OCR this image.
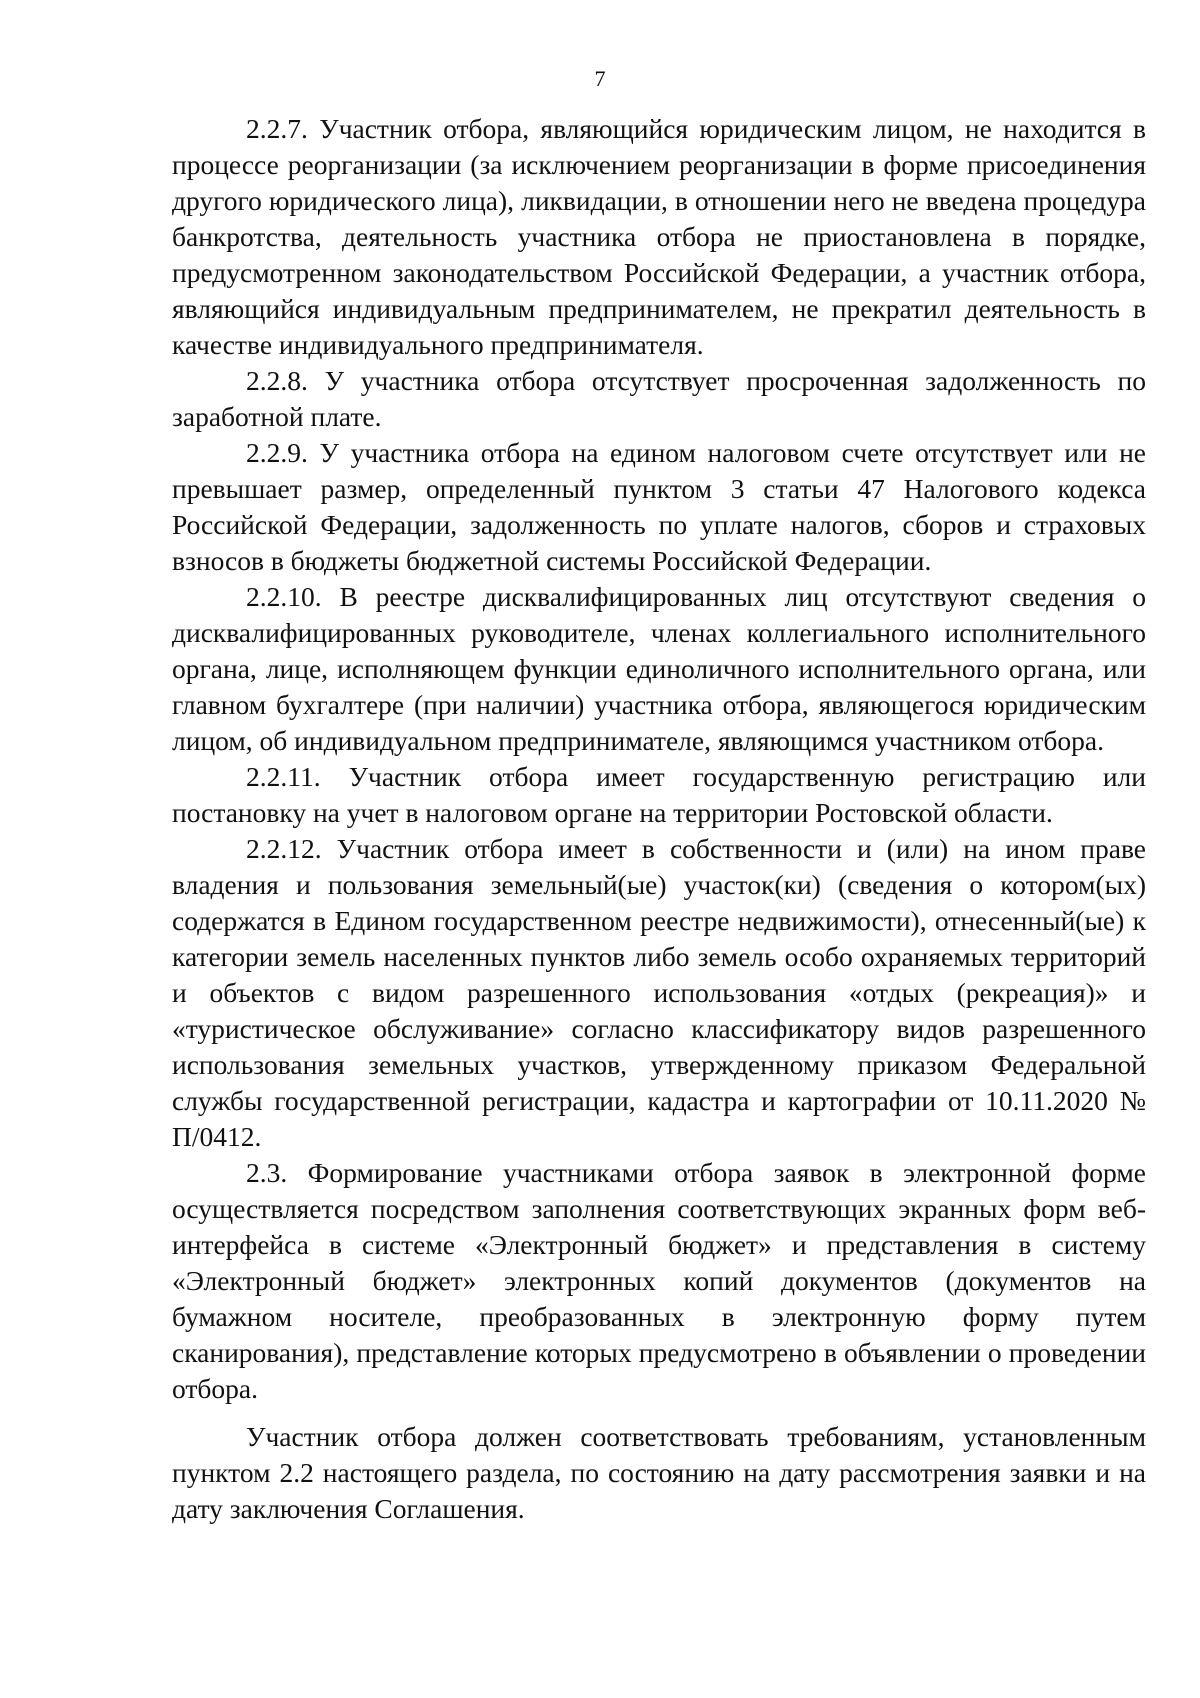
7

2.2.7. Участник отбора, являющийся юридическим лицом, не находится в процессе реорганизации (за исключением реорганизации в форме присоединения другого юридического лица), ликвидации, в отношении него не введена процедура банкротства, деятельность участника отбора не приостановлена в порядке, предусмотренном законодательством Российской Федерации, а участник отбора, являющийся индивидуальным предпринимателем, не прекратил деятельность в качестве индивидуального предпринимателя.

2.2.8. У участника отбора отсутствует просроченная задолженность по заработной плате.

2.2.9. У участника отбора на едином налоговом счете отсутствует или не превышает размер, определенный пунктом 3 статьи 47 Налогового кодекса Российской Федерации, задолженность по уплате налогов, сборов и страховых взносов в бюджеты бюджетной системы Российской Федерации.

2.2.10. В реестре дисквалифицированных лиц отсутствуют сведения о дисквалифицированных руководителе, членах коллегиального исполнительного органа, лице, исполняющем функции единоличного исполнительного органа, или главном бухгалтере (при наличии) участника отбора, являющегося юридическим лицом, об индивидуальном предпринимателе, являющимся участником отбора.

2.2.11. Участник отбора имеет государственную регистрацию или постановку на учет в налоговом органе на территории Ростовской области.

2.2.12. Участник отбора имеет в собственности и (или) на ином праве владения и пользования земельный(ые) участок(ки) (сведения о котором(ых) содержатся в Едином государственном реестре недвижимости), отнесенный(ые) к категории земель населенных пунктов либо земель особо охраняемых территорий и объектов с видом разрешенного использования «отдых (рекреация)» и «туристическое обслуживание» согласно классификатору видов разрешенного использования земельных участков, утвержденному приказом Федеральной службы государственной регистрации, кадастра и картографии от 10.11.2020 № П/0412.

2.3. Формирование участниками отбора заявок в электронной форме осуществляется посредством заполнения соответствующих экранных форм веб-интерфейса в системе «Электронный бюджет» и представления в систему «Электронный бюджет» электронных копий документов (документов на бумажном носителе, преобразованных в электронную форму путем сканирования), представление которых предусмотрено в объявлении о проведении отбора.

Участник отбора должен соответствовать требованиям, установленным пунктом 2.2 настоящего раздела, по состоянию на дату рассмотрения заявки и на дату заключения Соглашения.
